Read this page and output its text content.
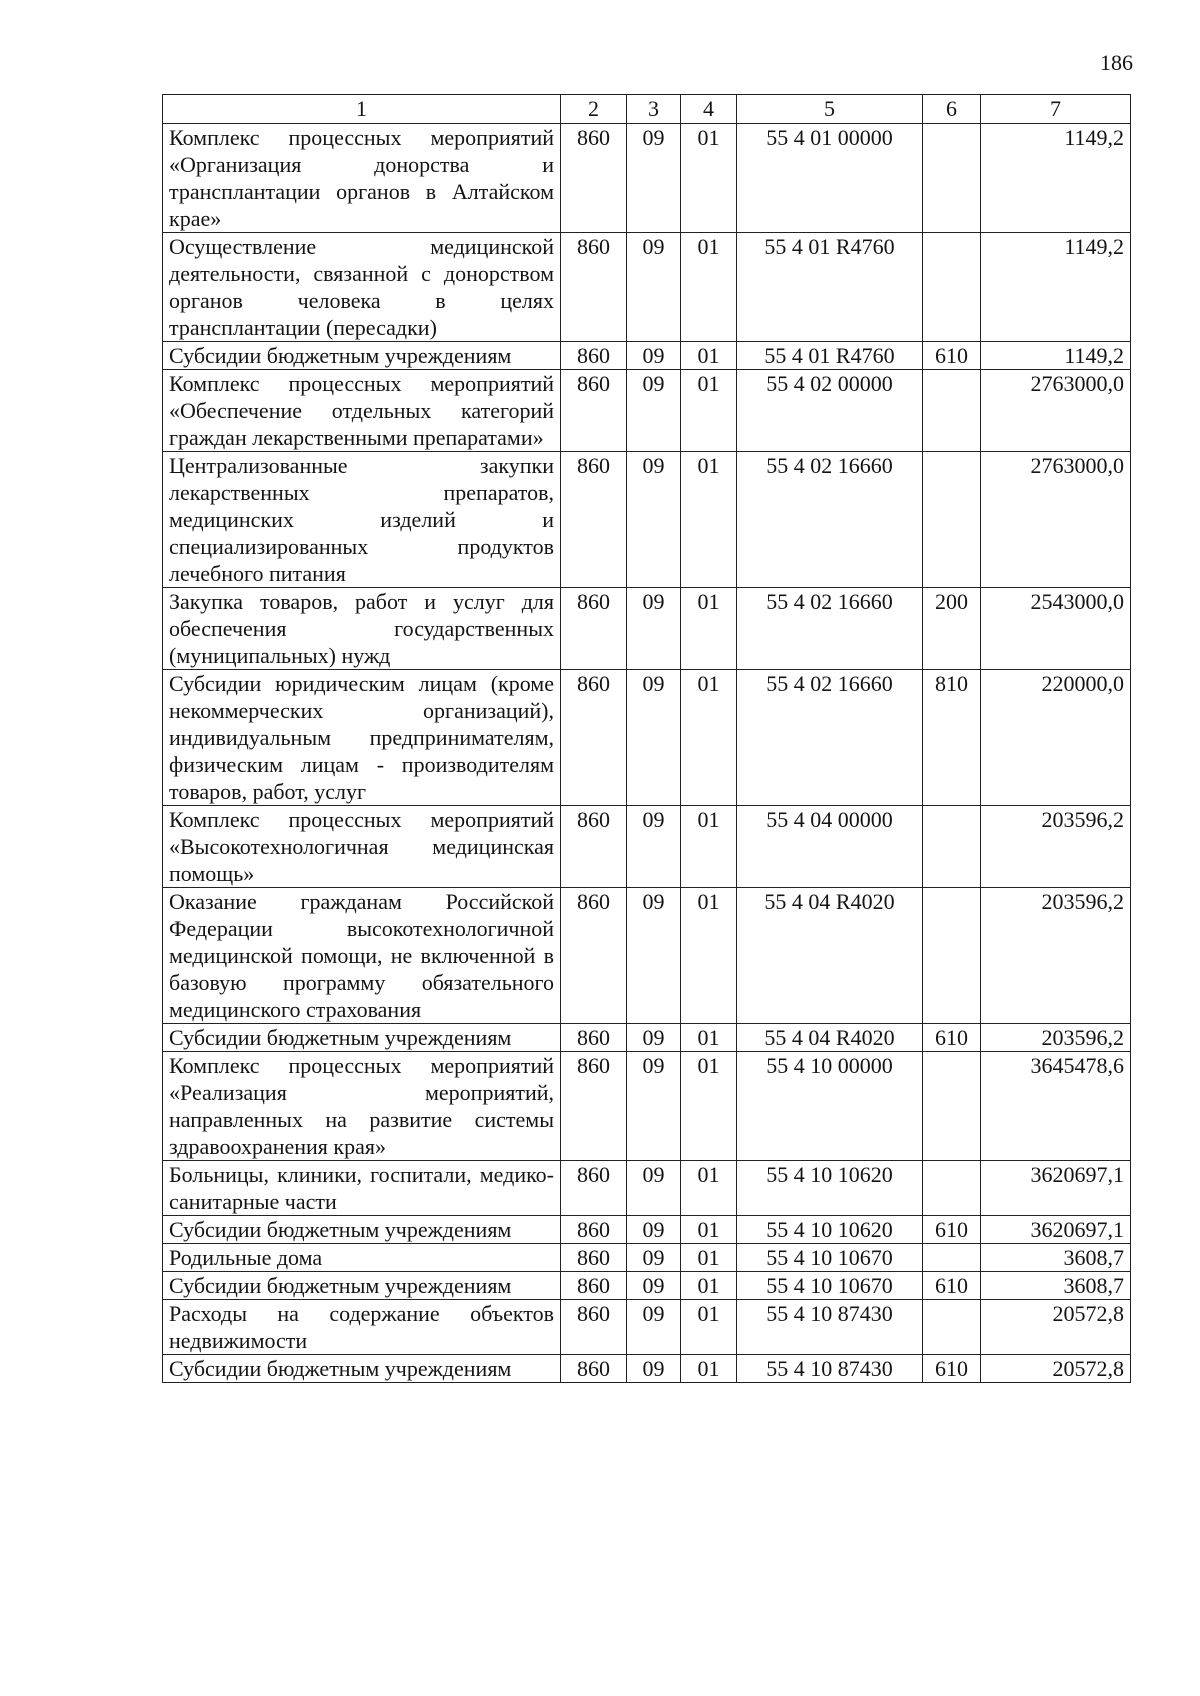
186
1	2	3	4	5	6	7
Комплекс процессных мероприятий «Организация донорства и трансплантации органов в Алтайском крае»	860	09	01	55 4 01 00000		1149,2
Осуществление медицинской деятельности, связанной с донорством органов человека в целях трансплантации (пересадки)	860	09	01	55 4 01 R4760		1149,2
Субсидии бюджетным учреждениям	860	09	01	55 4 01 R4760	610	1149,2
Комплекс процессных мероприятий «Обеспечение отдельных категорий граждан лекарственными препаратами»	860	09	01	55 4 02 00000		2763000,0
Централизованные закупки лекарственных препаратов, медицинских изделий и специализированных продуктов лечебного питания	860	09	01	55 4 02 16660		2763000,0
Закупка товаров, работ и услуг для обеспечения государственных (муниципальных) нужд	860	09	01	55 4 02 16660	200	2543000,0
Субсидии юридическим лицам (кроме некоммерческих организаций), индивидуальным предпринимателям, физическим лицам - производителям товаров, работ, услуг	860	09	01	55 4 02 16660	810	220000,0
Комплекс процессных мероприятий «Высокотехнологичная медицинская помощь»	860	09	01	55 4 04 00000		203596,2
Оказание гражданам Российской Федерации высокотехнологичной медицинской помощи, не включенной в базовую программу обязательного медицинского страхования	860	09	01	55 4 04 R4020		203596,2
Субсидии бюджетным учреждениям	860	09	01	55 4 04 R4020	610	203596,2
Комплекс процессных мероприятий «Реализация мероприятий, направленных на развитие системы здравоохранения края»	860	09	01	55 4 10 00000		3645478,6
Больницы, клиники, госпитали, медико-санитарные части	860	09	01	55 4 10 10620		3620697,1
Субсидии бюджетным учреждениям	860	09	01	55 4 10 10620	610	3620697,1
Родильные дома	860	09	01	55 4 10 10670		3608,7
Субсидии бюджетным учреждениям	860	09	01	55 4 10 10670	610	3608,7
Расходы на содержание объектов недвижимости	860	09	01	55 4 10 87430		20572,8
Субсидии бюджетным учреждениям	860	09	01	55 4 10 87430	610	20572,8
